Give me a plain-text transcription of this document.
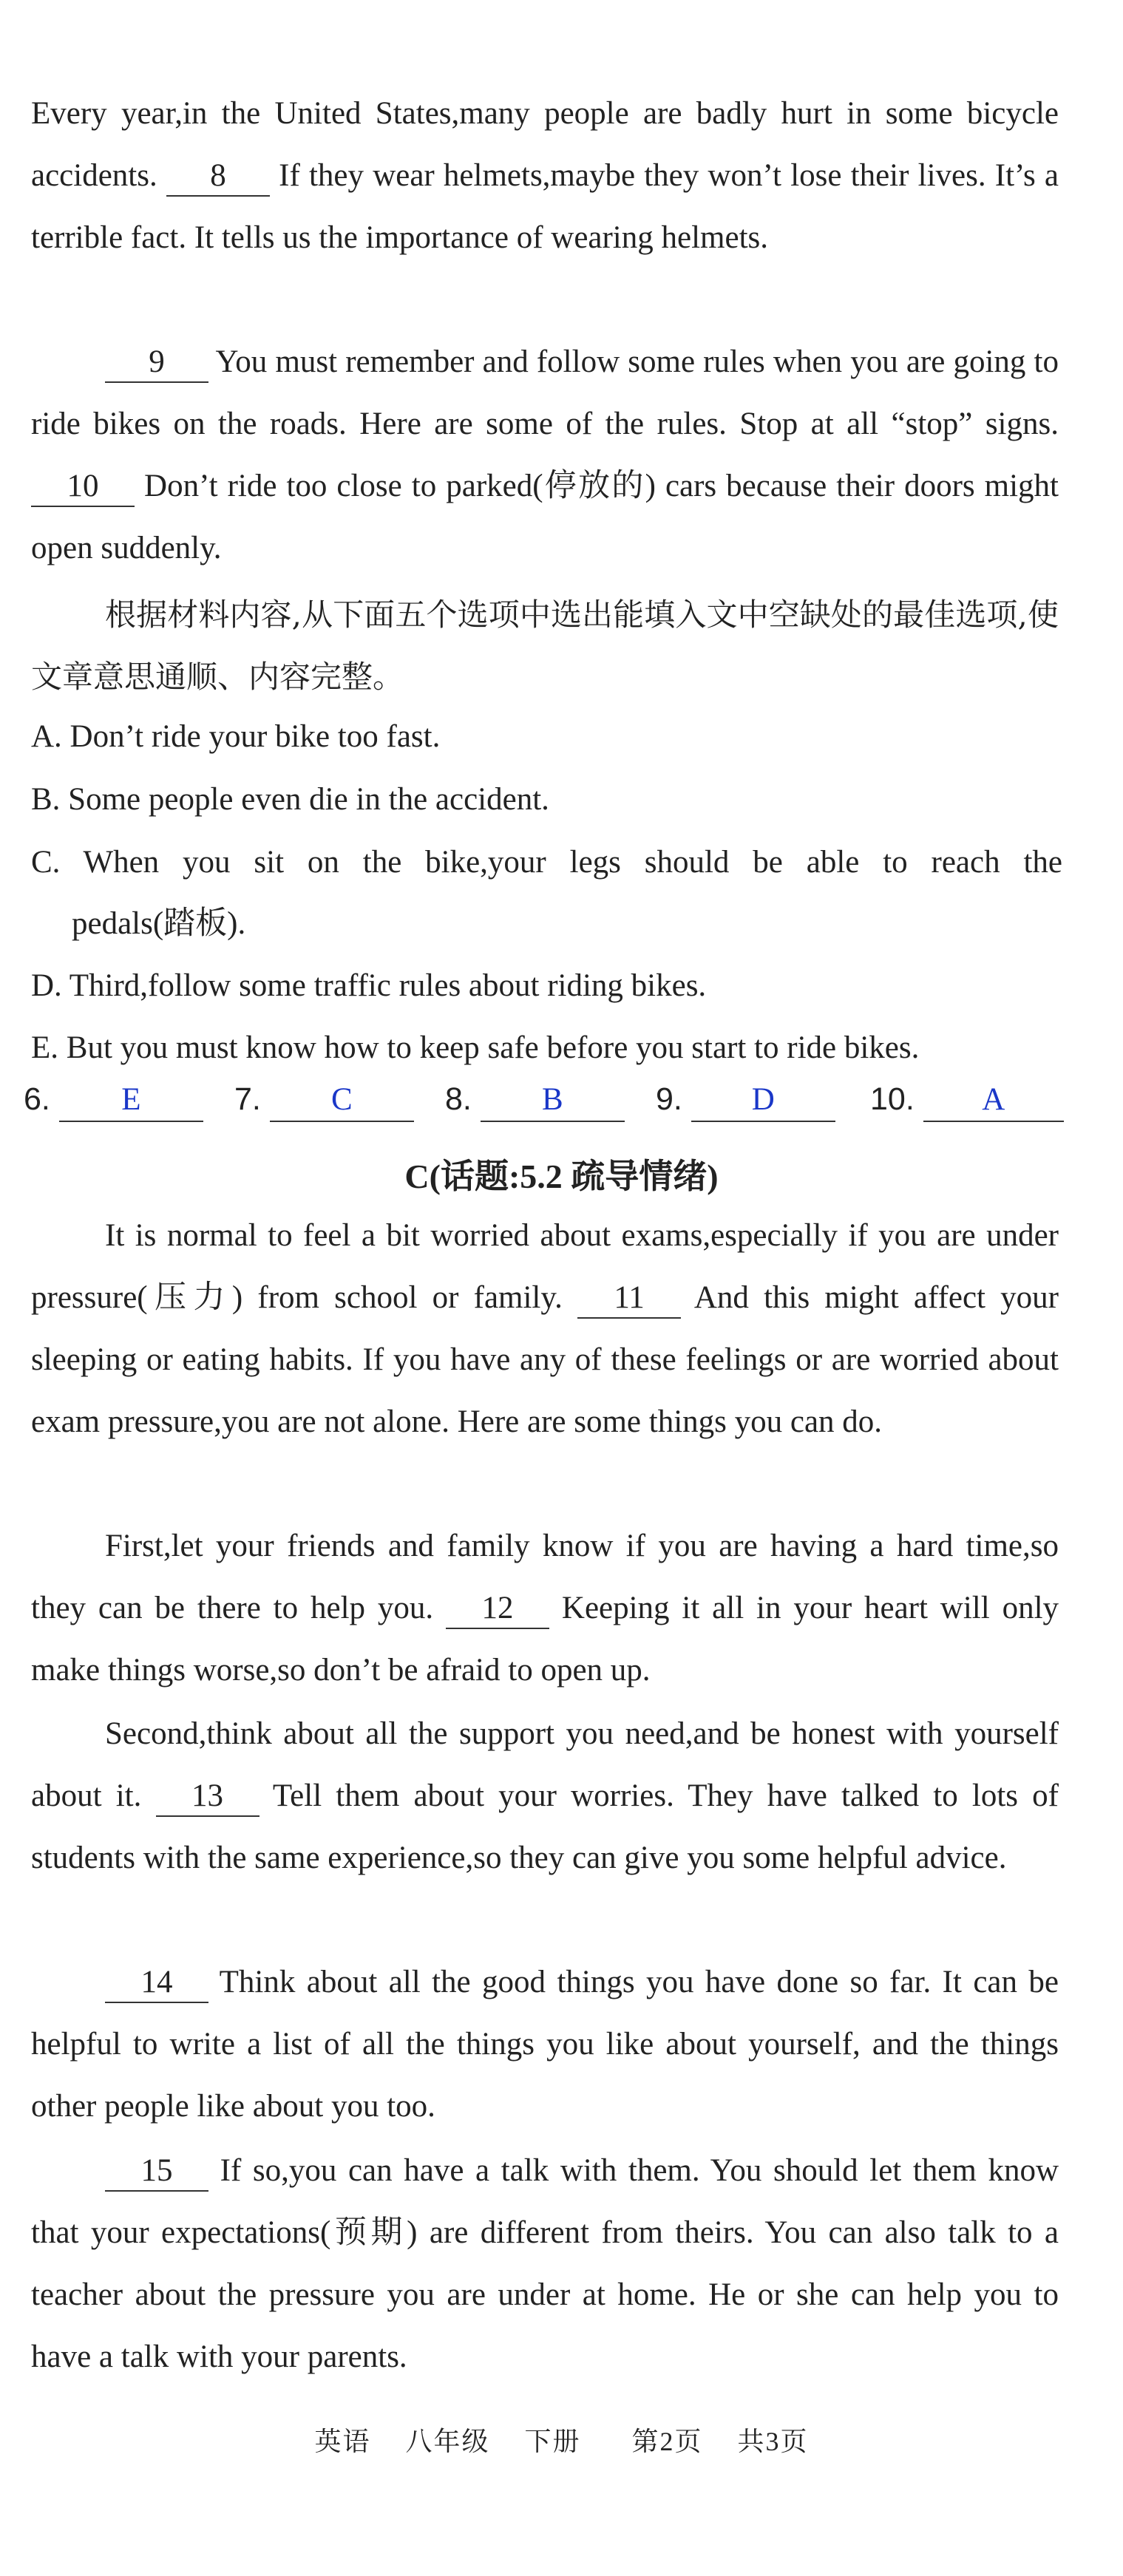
Every year,in the United States,many people are badly hurt in some bicycle accidents. 8 If they wear helmets,maybe they won’t lose their lives. It’s a terrible fact. It tells us the importance of wearing helmets.
9 You must remember and follow some rules when you are going to ride bikes on the roads. Here are some of the rules. Stop at all “stop” signs. 10 Don’t ride too close to parked(停放的) cars because their doors might open suddenly.
根据材料内容,从下面五个选项中选出能填入文中空缺处的最佳选项,使文章意思通顺、内容完整。
A. Don’t ride your bike too fast.
B. Some people even die in the accident.
C. When you sit on the bike,your legs should be able to reach the
pedals(踏板).
D. Third,follow some traffic rules about riding bikes.
E. But you must know how to keep safe before you start to ride bikes.
6. E	7. C	8. B	9. D	10. A
C(话题:5.2 疏导情绪)
It is normal to feel a bit worried about exams,especially if you are under pressure(压力) from school or family. 11 And this might affect your sleeping or eating habits. If you have any of these feelings or are worried about exam pressure,you are not alone. Here are some things you can do.
First,let your friends and family know if you are having a hard time,so they can be there to help you. 12 Keeping it all in your heart will only make things worse,so don’t be afraid to open up.
Second,think about all the support you need,and be honest with yourself about it. 13 Tell them about your worries. They have talked to lots of students with the same experience,so they can give you some helpful advice.
14 Think about all the good things you have done so far. It can be helpful to write a list of all the things you like about yourself, and the things other people like about you too.
15 If so,you can have a talk with them. You should let them know that your expectations(预期) are different from theirs. You can also talk to a teacher about the pressure you are under at home. He or she can help you to have a talk with your parents.
英语 八年级 下册 第2页 共3页
